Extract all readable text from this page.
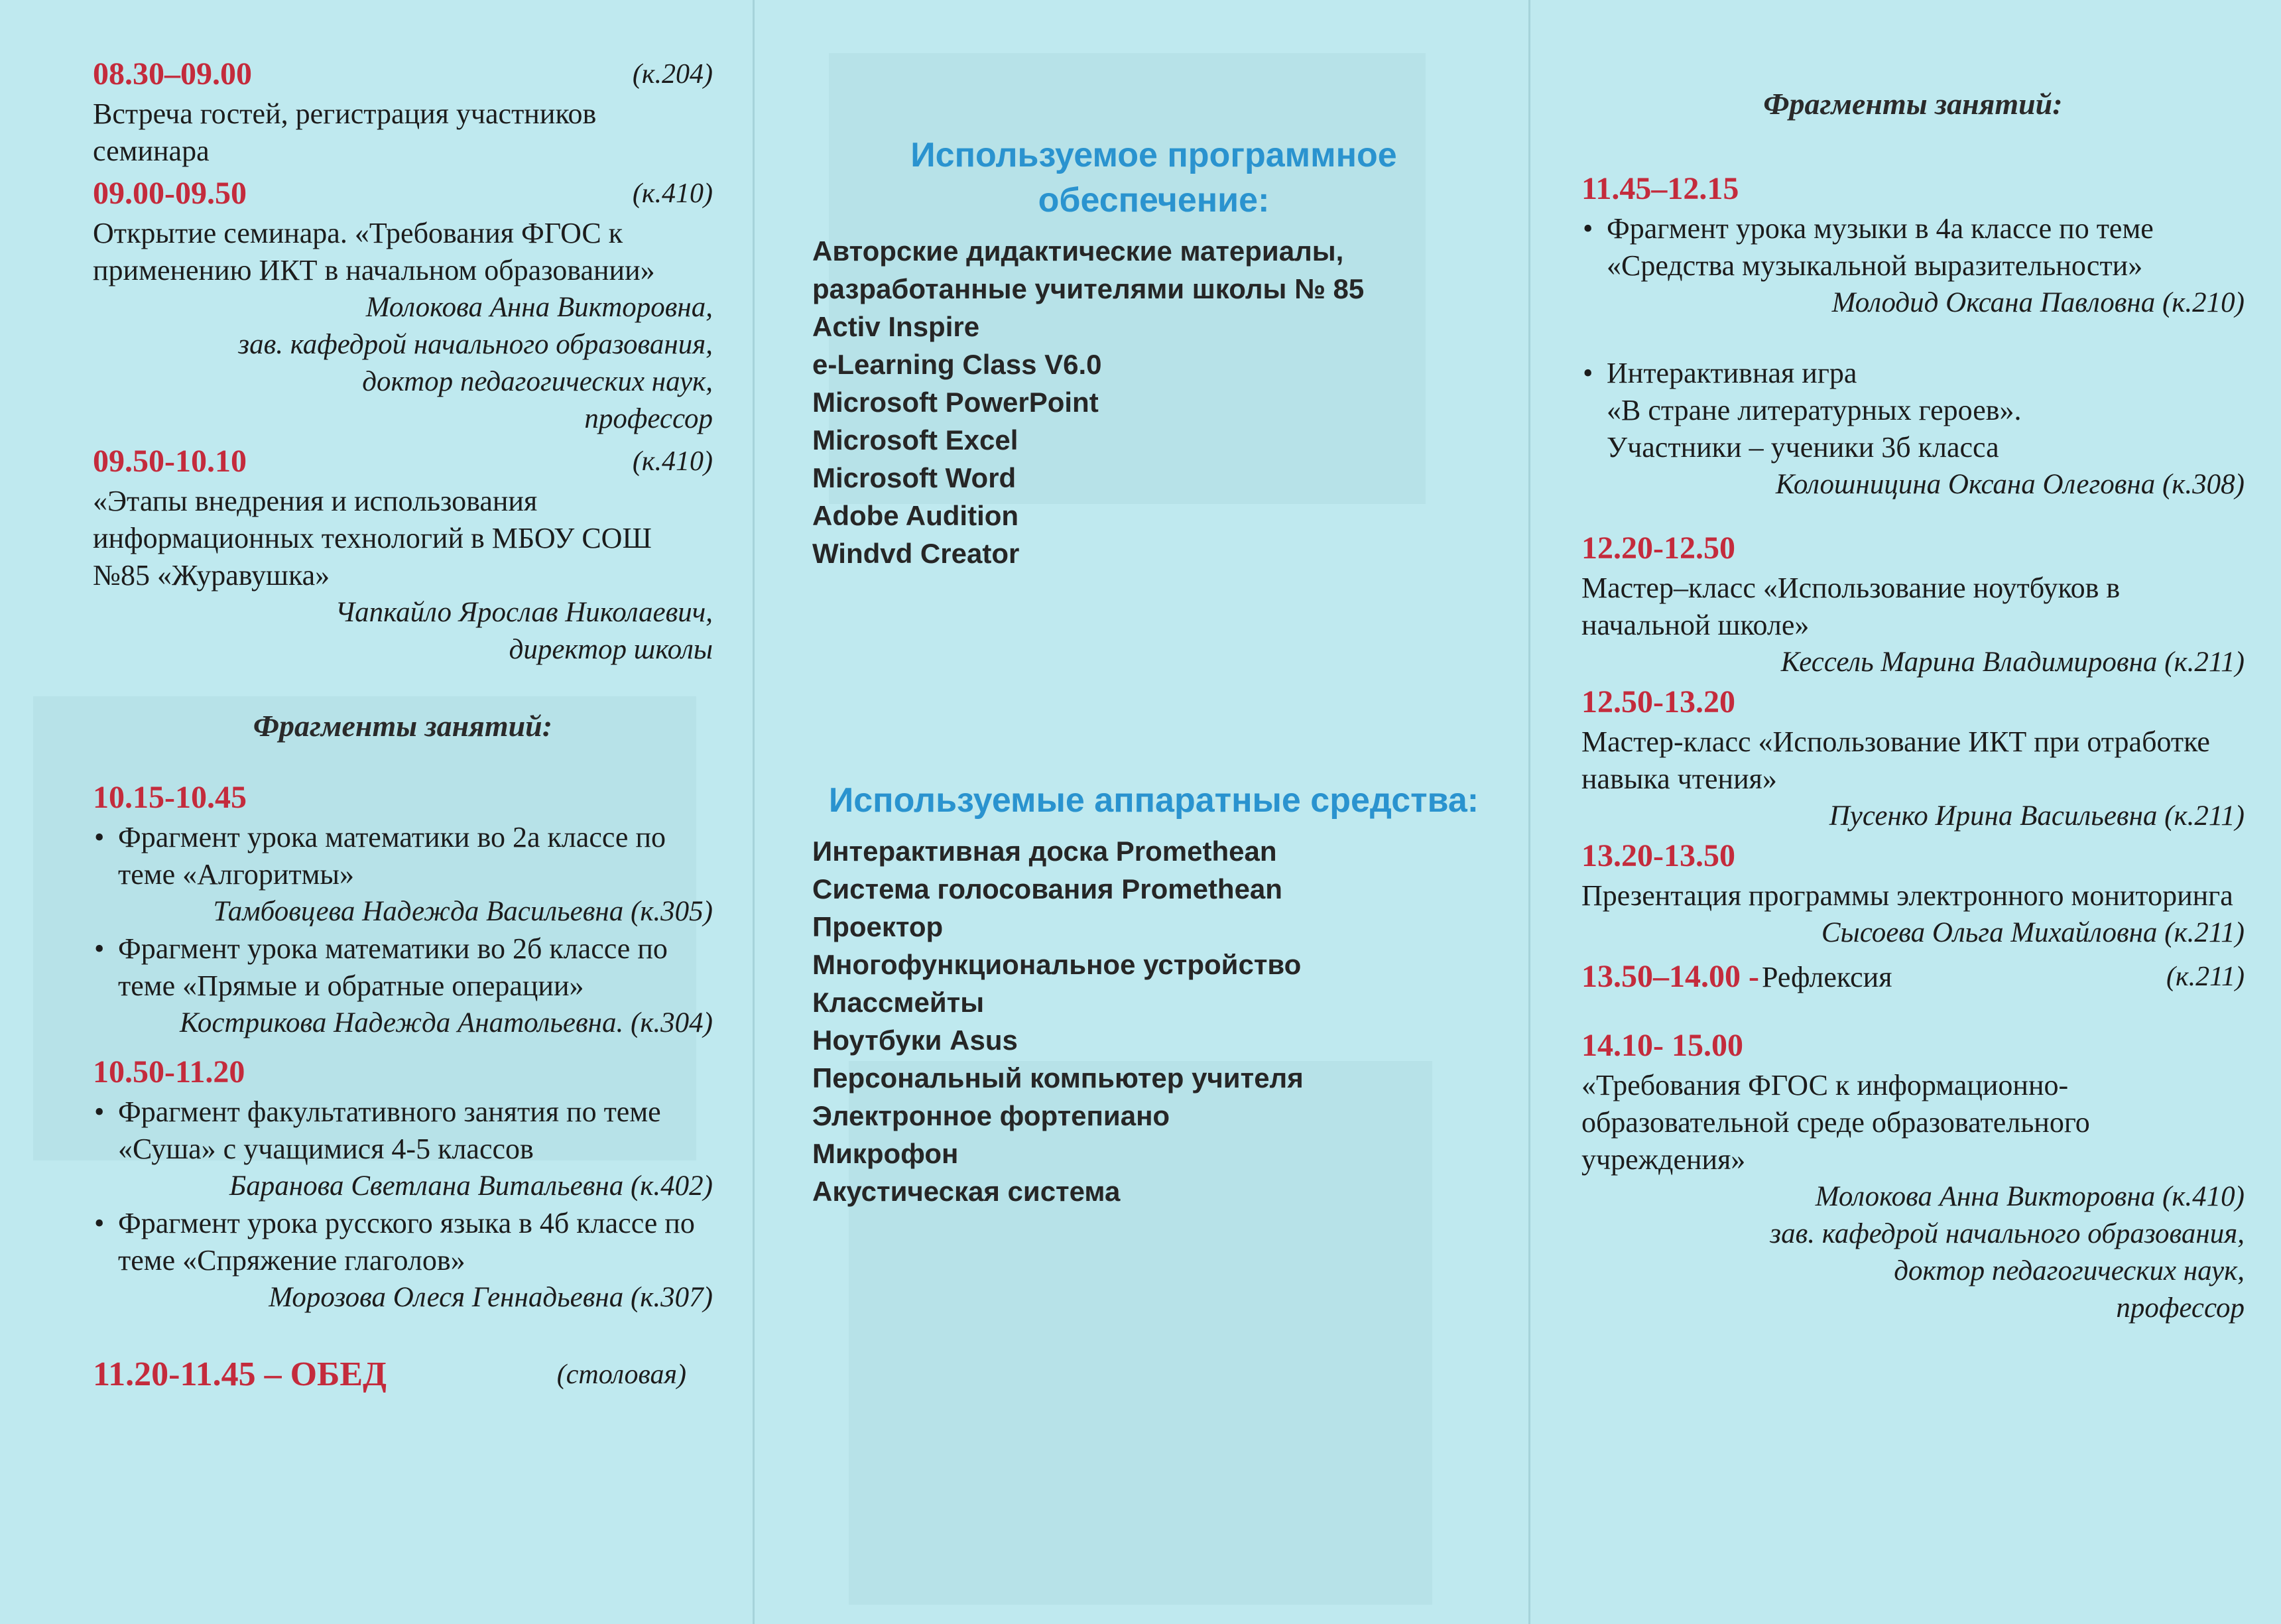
08.30–09.00	(к.204)
Встреча гостей, регистрация участников семинара
09.00-09.50	(к.410)
Открытие семинара. «Требования ФГОС к применению ИКТ в начальном образовании»
Молокова Анна Викторовна,
зав. кафедрой начального образования,
доктор педагогических наук,
профессор
09.50-10.10	(к.410)
«Этапы внедрения и использования информационных технологий в МБОУ СОШ №85 «Журавушка»
Чапкайло Ярослав Николаевич,
директор школы
Фрагменты занятий:
10.15-10.45
• Фрагмент урока математики во 2а классе по теме «Алгоритмы»
Тамбовцева Надежда Васильевна (к.305)
• Фрагмент урока математики во 2б классе по теме «Прямые и обратные операции»
Кострикова Надежда Анатольевна. (к.304)
10.50-11.20
• Фрагмент факультативного занятия по теме «Суша» с учащимися 4-5 классов
Баранова Светлана Витальевна (к.402)
• Фрагмент урока русского языка в 4б классе по теме «Спряжение глаголов»
Морозова Олеся Геннадьевна (к.307)
11.20-11.45 – ОБЕД	(столовая)
Используемое программное обеспечение:
Авторские дидактические материалы, разработанные учителями школы № 85
Activ Inspire
e-Learning Class V6.0
Microsoft PowerPoint
Microsoft Excel
Microsoft Word
Adobe Audition
Windvd Creator
Используемые аппаратные средства:
Интерактивная доска Promethean
Система голосования Promethean
Проектор
Многофункциональное устройство
Классмейты
Ноутбуки Asus
Персональный компьютер учителя
Электронное фортепиано
Микрофон
Акустическая система
Фрагменты занятий:
11.45–12.15
• Фрагмент урока музыки в 4а классе по теме «Средства музыкальной выразительности»
Молодид Оксана Павловна (к.210)
• Интерактивная игра
«В стране литературных героев».
Участники – ученики 3б класса
Колошницина Оксана Олеговна (к.308)
12.20-12.50
Мастер–класс «Использование ноутбуков в начальной школе»
Кессель Марина Владимировна (к.211)
12.50-13.20
Мастер-класс «Использование ИКТ при отработке навыка чтения»
Пусенко Ирина Васильевна (к.211)
13.20-13.50
Презентация программы электронного мониторинга
Сысоева Ольга Михайловна (к.211)
13.50–14.00 - Рефлексия	(к.211)
14.10- 15.00
«Требования ФГОС к информационно-образовательной среде образовательного учреждения»
Молокова Анна Викторовна (к.410)
зав. кафедрой начального образования,
доктор педагогических наук,
профессор
